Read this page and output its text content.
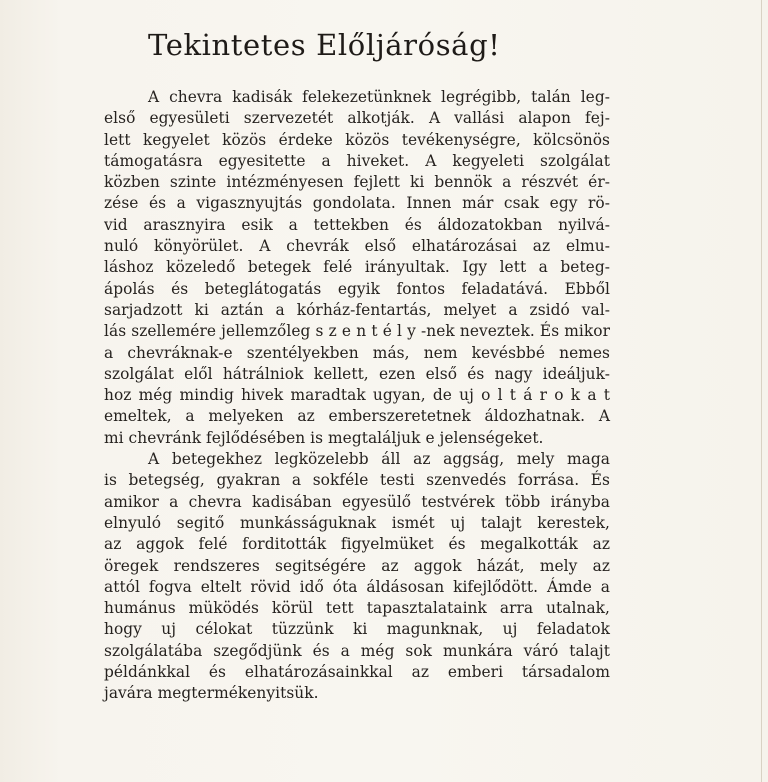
Tekintetes Előljáróság!
A chevra kadisák felekezetünknek legrégibb, talán leg-
első egyesületi szervezetét alkotják. A vallási alapon fej-
lett kegyelet közös érdeke közös tevékenységre, kölcsönös
támogatásra egyesitette a hiveket. A kegyeleti szolgálat
közben szinte intézményesen fejlett ki bennök a részvét ér-
zése és a vigasznyujtás gondolata. Innen már csak egy rö-
vid arasznyira esik a tettekben és áldozatokban nyilvá-
nuló könyörület. A chevrák első elhatározásai az elmu-
láshoz közeledő betegek felé irányultak. Igy lett a beteg-
ápolás és beteglátogatás egyik fontos feladatává. Ebből
sarjadzott ki aztán a kórház-fentartás, melyet a zsidó val-
lás szellemére jellemzőleg s z e n t é l y -nek neveztek. És mikor
a chevráknak-e szentélyekben más, nem kevésbbé nemes
szolgálat elől hátrálniok kellett, ezen első és nagy ideáljuk-
hoz még mindig hivek maradtak ugyan, de uj o l t á r o k a t
emeltek, a melyeken az emberszeretetnek áldozhatnak. A
mi chevránk fejlődésében is megtaláljuk e jelenségeket.
A betegekhez legközelebb áll az aggság, mely maga
is betegség, gyakran a sokféle testi szenvedés forrása. És
amikor a chevra kadisában egyesülő testvérek több irányba
elnyuló segitő munkásságuknak ismét uj talajt kerestek,
az aggok felé forditották figyelmüket és megalkották az
öregek rendszeres segitségére az aggok házát, mely az
attól fogva eltelt rövid idő óta áldásosan kifejlődött. Ámde a
humánus müködés körül tett tapasztalataink arra utalnak,
hogy uj célokat tüzzünk ki magunknak, uj feladatok
szolgálatába szegődjünk és a még sok munkára váró talajt
példánkkal és elhatározásainkkal az emberi társadalom
javára megtermékenyitsük.
